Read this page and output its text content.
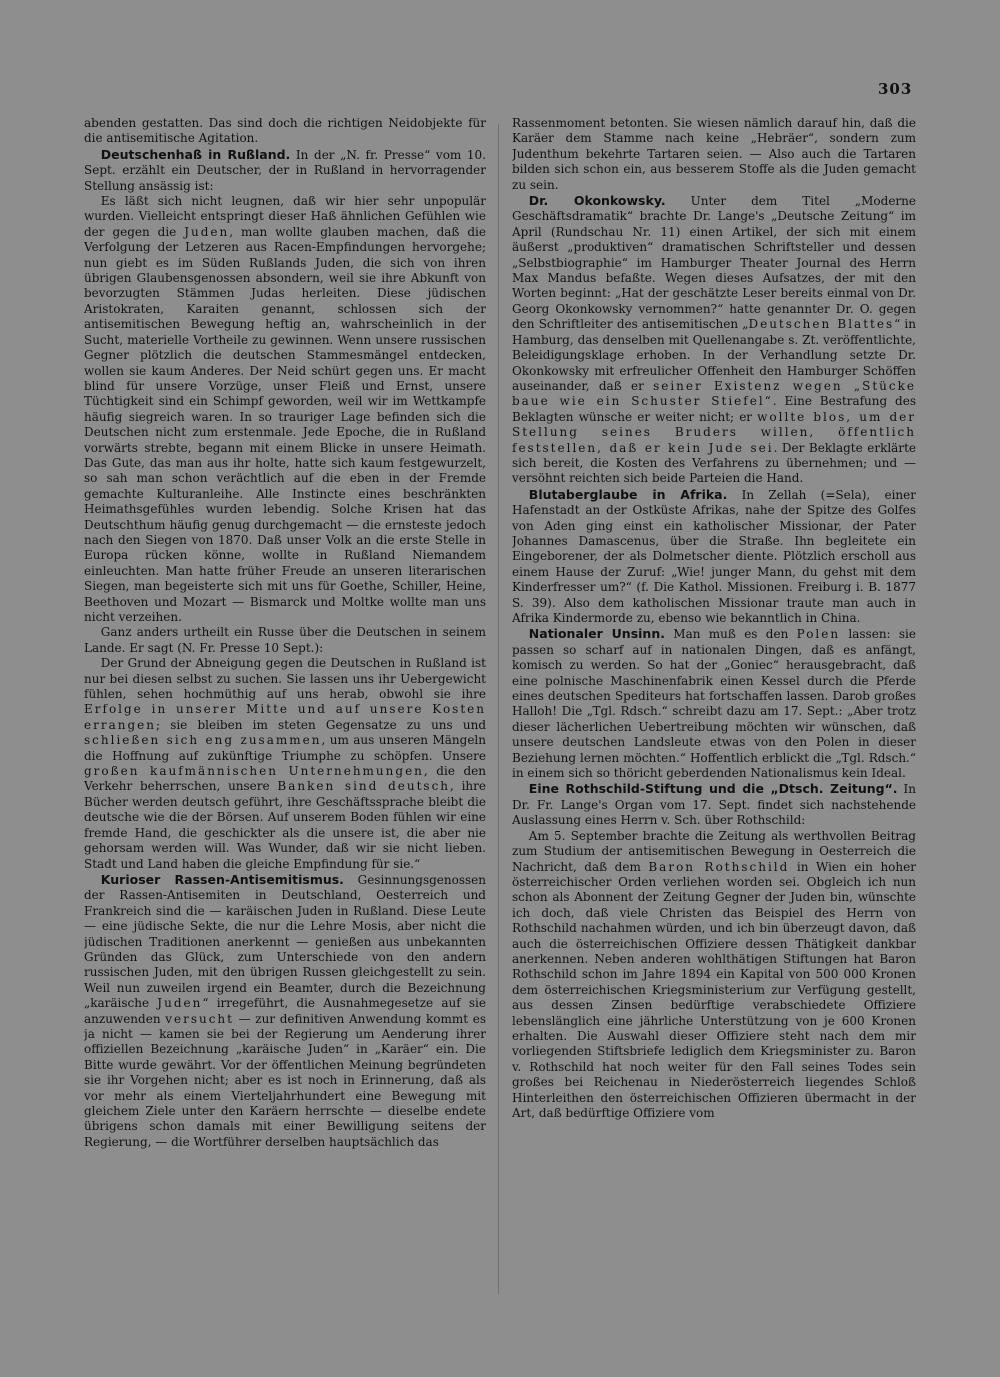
303

abenden gestatten. Das sind doch die richtigen Neidobjekte für die antisemitische Agitation.

Deutschenhaß in Rußland. In der „N. fr. Presse“ vom 10. Sept. erzählt ein Deutscher, der in Rußland in hervorragender Stellung ansässig ist:

Es läßt sich nicht leugnen, daß wir hier sehr unpopulär wurden. Vielleicht entspringt dieser Haß ähnlichen Gefühlen wie der gegen die Juden, man wollte glauben machen, daß die Verfolgung der Letzeren aus Racen-Empfindungen hervorgehe; nun giebt es im Süden Rußlands Juden, die sich von ihren übrigen Glaubensgenossen absondern, weil sie ihre Abkunft von bevorzugten Stämmen Judas herleiten. Diese jüdischen Aristokraten, Karaiten genannt, schlossen sich der antisemitischen Bewegung heftig an, wahrscheinlich in der Sucht, materielle Vortheile zu gewinnen. Wenn unsere russischen Gegner plötzlich die deutschen Stammesmängel entdecken, wollen sie kaum Anderes. Der Neid schürt gegen uns. Er macht blind für unsere Vorzüge, unser Fleiß und Ernst, unsere Tüchtigkeit sind ein Schimpf geworden, weil wir im Wettkampfe häufig siegreich waren. In so trauriger Lage befinden sich die Deutschen nicht zum erstenmale. Jede Epoche, die in Rußland vorwärts strebte, begann mit einem Blicke in unsere Heimath. Das Gute, das man aus ihr holte, hatte sich kaum festgewurzelt, so sah man schon verächtlich auf die eben in der Fremde gemachte Kulturanleihe. Alle Instincte eines beschränkten Heimathsgefühles wurden lebendig. Solche Krisen hat das Deutschthum häufig genug durchgemacht — die ernsteste jedoch nach den Siegen von 1870. Daß unser Volk an die erste Stelle in Europa rücken könne, wollte in Rußland Niemandem einleuchten. Man hatte früher Freude an unseren literarischen Siegen, man begeisterte sich mit uns für Goethe, Schiller, Heine, Beethoven und Mozart — Bismarck und Moltke wollte man uns nicht verzeihen.

Ganz anders urtheilt ein Russe über die Deutschen in seinem Lande. Er sagt (N. Fr. Presse 10 Sept.):

Der Grund der Abneigung gegen die Deutschen in Rußland ist nur bei diesen selbst zu suchen. Sie lassen uns ihr Uebergewicht fühlen, sehen hochmüthig auf uns herab, obwohl sie ihre Erfolge in unserer Mitte und auf unsere Kosten errangen; sie bleiben im steten Gegensatze zu uns und schließen sich eng zusammen, um aus unseren Mängeln die Hoffnung auf zukünftige Triumphe zu schöpfen. Unsere großen kaufmännischen Unternehmungen, die den Verkehr beherrschen, unsere Banken sind deutsch, ihre Bücher werden deutsch geführt, ihre Geschäftssprache bleibt die deutsche wie die der Börsen. Auf unserem Boden fühlen wir eine fremde Hand, die geschickter als die unsere ist, die aber nie gehorsam werden will. Was Wunder, daß wir sie nicht lieben. Stadt und Land haben die gleiche Empfindung für sie.“

Kurioser Rassen-Antisemitismus. Gesinnungsgenossen der Rassen-Antisemiten in Deutschland, Oesterreich und Frankreich sind die — karäischen Juden in Rußland. Diese Leute — eine jüdische Sekte, die nur die Lehre Mosis, aber nicht die jüdischen Traditionen anerkennt — genießen aus unbekannten Gründen das Glück, zum Unterschiede von den andern russischen Juden, mit den übrigen Russen gleichgestellt zu sein. Weil nun zuweilen irgend ein Beamter, durch die Bezeichnung „karäische Juden“ irregeführt, die Ausnahmegesetze auf sie anzuwenden versucht — zur definitiven Anwendung kommt es ja nicht — kamen sie bei der Regierung um Aenderung ihrer offiziellen Bezeichnung „karäische Juden“ in „Karäer“ ein. Die Bitte wurde gewährt. Vor der öffentlichen Meinung begründeten sie ihr Vorgehen nicht; aber es ist noch in Erinnerung, daß als vor mehr als einem Vierteljahrhundert eine Bewegung mit gleichem Ziele unter den Karäern herrschte — dieselbe endete übrigens schon damals mit einer Bewilligung seitens der Regierung, — die Wortführer derselben hauptsächlich das

Rassenmoment betonten. Sie wiesen nämlich darauf hin, daß die Karäer dem Stamme nach keine „Hebräer“, sondern zum Judenthum bekehrte Tartaren seien. — Also auch die Tartaren bilden sich schon ein, aus besserem Stoffe als die Juden gemacht zu sein.

Dr. Okonkowsky. Unter dem Titel „Moderne Geschäftsdramatik“ brachte Dr. Lange's „Deutsche Zeitung“ im April (Rundschau Nr. 11) einen Artikel, der sich mit einem äußerst „produktiven“ dramatischen Schriftsteller und dessen „Selbstbiographie“ im Hamburger Theater Journal des Herrn Max Mandus befaßte. Wegen dieses Aufsatzes, der mit den Worten beginnt: „Hat der geschätzte Leser bereits einmal von Dr. Georg Okonkowsky vernommen?“ hatte genannter Dr. O. gegen den Schriftleiter des antisemitischen „Deutschen Blattes“ in Hamburg, das denselben mit Quellenangabe s. Zt. veröffentlichte, Beleidigungsklage erhoben. In der Verhandlung setzte Dr. Okonkowsky mit erfreulicher Offenheit den Hamburger Schöffen auseinander, daß er seiner Existenz wegen „Stücke baue wie ein Schuster Stiefel“. Eine Bestrafung des Beklagten wünsche er weiter nicht; er wollte blos, um der Stellung seines Bruders willen, öffentlich feststellen, daß er kein Jude sei. Der Beklagte erklärte sich bereit, die Kosten des Verfahrens zu übernehmen; und — versöhnt reichten sich beide Parteien die Hand.

Blutaberglaube in Afrika. In Zellah (=Sela), einer Hafenstadt an der Ostküste Afrikas, nahe der Spitze des Golfes von Aden ging einst ein katholischer Missionar, der Pater Johannes Damascenus, über die Straße. Ihn begleitete ein Eingeborener, der als Dolmetscher diente. Plötzlich erscholl aus einem Hause der Zuruf: „Wie! junger Mann, du gehst mit dem Kinderfresser um?“ (f. Die Kathol. Missionen. Freiburg i. B. 1877 S. 39). Also dem katholischen Missionar traute man auch in Afrika Kindermorde zu, ebenso wie bekanntlich in China.

Nationaler Unsinn. Man muß es den Polen lassen: sie passen so scharf auf in nationalen Dingen, daß es anfängt, komisch zu werden. So hat der „Goniec“ herausgebracht, daß eine polnische Maschinenfabrik einen Kessel durch die Pferde eines deutschen Spediteurs hat fortschaffen lassen. Darob großes Halloh! Die „Tgl. Rdsch.“ schreibt dazu am 17. Sept.: „Aber trotz dieser lächerlichen Uebertreibung möchten wir wünschen, daß unsere deutschen Landsleute etwas von den Polen in dieser Beziehung lernen möchten.“ Hoffentlich erblickt die „Tgl. Rdsch.“ in einem sich so thöricht geberdenden Nationalismus kein Ideal.

Eine Rothschild-Stiftung und die „Dtsch. Zeitung“. In Dr. Fr. Lange's Organ vom 17. Sept. findet sich nachstehende Auslassung eines Herrn v. Sch. über Rothschild:

Am 5. September brachte die Zeitung als werthvollen Beitrag zum Studium der antisemitischen Bewegung in Oesterreich die Nachricht, daß dem Baron Rothschild in Wien ein hoher österreichischer Orden verliehen worden sei. Obgleich ich nun schon als Abonnent der Zeitung Gegner der Juden bin, wünschte ich doch, daß viele Christen das Beispiel des Herrn von Rothschild nachahmen würden, und ich bin überzeugt davon, daß auch die österreichischen Offiziere dessen Thätigkeit dankbar anerkennen. Neben anderen wohlthätigen Stiftungen hat Baron Rothschild schon im Jahre 1894 ein Kapital von 500 000 Kronen dem österreichischen Kriegsministerium zur Verfügung gestellt, aus dessen Zinsen bedürftige verabschiedete Offiziere lebenslänglich eine jährliche Unterstützung von je 600 Kronen erhalten. Die Auswahl dieser Offiziere steht nach dem mir vorliegenden Stiftsbriefe lediglich dem Kriegsminister zu. Baron v. Rothschild hat noch weiter für den Fall seines Todes sein großes bei Reichenau in Niederösterreich liegendes Schloß Hinterleithen den österreichischen Offizieren übermacht in der Art, daß bedürftige Offiziere vom
